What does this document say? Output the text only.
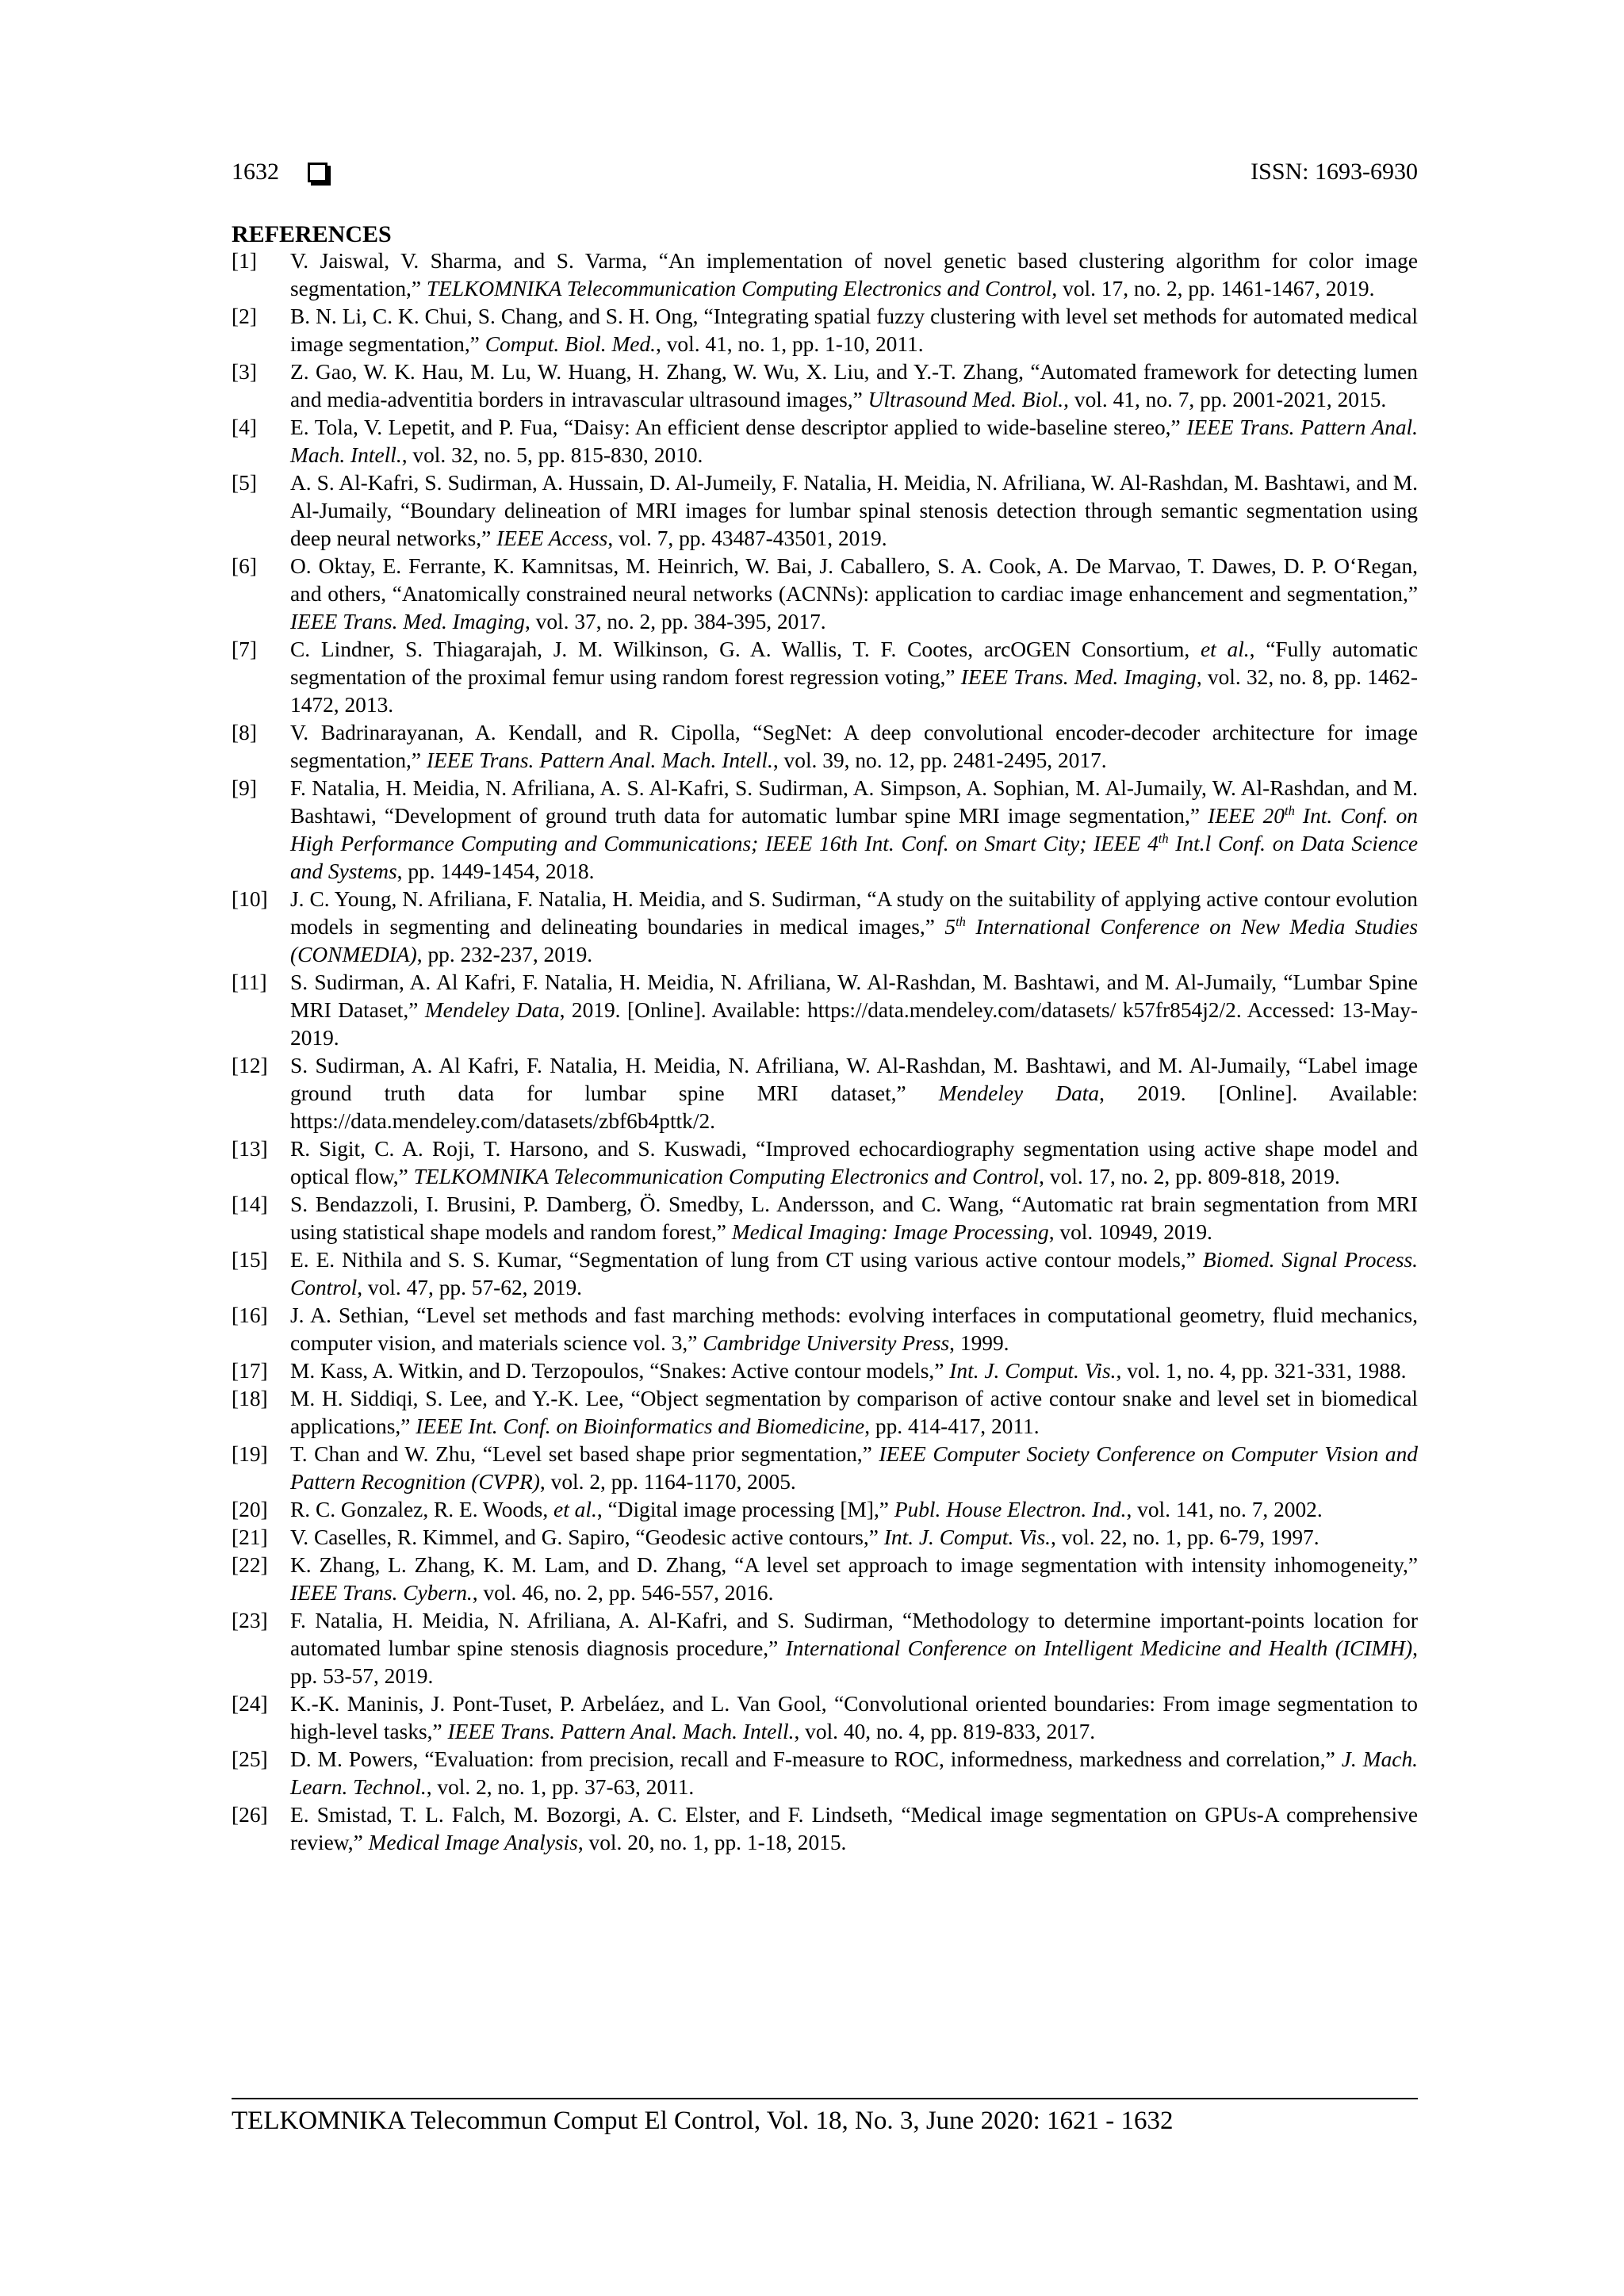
1632	ISSN: 1693-6930
REFERENCES
[1] V. Jaiswal, V. Sharma, and S. Varma, “An implementation of novel genetic based clustering algorithm for color image segmentation,” TELKOMNIKA Telecommunication Computing Electronics and Control, vol. 17, no. 2, pp. 1461-1467, 2019.
[2] B. N. Li, C. K. Chui, S. Chang, and S. H. Ong, “Integrating spatial fuzzy clustering with level set methods for automated medical image segmentation,” Comput. Biol. Med., vol. 41, no. 1, pp. 1-10, 2011.
[3] Z. Gao, W. K. Hau, M. Lu, W. Huang, H. Zhang, W. Wu, X. Liu, and Y.-T. Zhang, “Automated framework for detecting lumen and media-adventitia borders in intravascular ultrasound images,” Ultrasound Med. Biol., vol. 41, no. 7, pp. 2001-2021, 2015.
[4] E. Tola, V. Lepetit, and P. Fua, “Daisy: An efficient dense descriptor applied to wide-baseline stereo,” IEEE Trans. Pattern Anal. Mach. Intell., vol. 32, no. 5, pp. 815-830, 2010.
[5] A. S. Al-Kafri, S. Sudirman, A. Hussain, D. Al-Jumeily, F. Natalia, H. Meidia, N. Afriliana, W. Al-Rashdan, M. Bashtawi, and M. Al-Jumaily, “Boundary delineation of MRI images for lumbar spinal stenosis detection through semantic segmentation using deep neural networks,” IEEE Access, vol. 7, pp. 43487-43501, 2019.
[6] O. Oktay, E. Ferrante, K. Kamnitsas, M. Heinrich, W. Bai, J. Caballero, S. A. Cook, A. De Marvao, T. Dawes, D. P. O‘Regan, and others, “Anatomically constrained neural networks (ACNNs): application to cardiac image enhancement and segmentation,” IEEE Trans. Med. Imaging, vol. 37, no. 2, pp. 384-395, 2017.
[7] C. Lindner, S. Thiagarajah, J. M. Wilkinson, G. A. Wallis, T. F. Cootes, arcOGEN Consortium, et al., “Fully automatic segmentation of the proximal femur using random forest regression voting,” IEEE Trans. Med. Imaging, vol. 32, no. 8, pp. 1462-1472, 2013.
[8] V. Badrinarayanan, A. Kendall, and R. Cipolla, “SegNet: A deep convolutional encoder-decoder architecture for image segmentation,” IEEE Trans. Pattern Anal. Mach. Intell., vol. 39, no. 12, pp. 2481-2495, 2017.
[9] F. Natalia, H. Meidia, N. Afriliana, A. S. Al-Kafri, S. Sudirman, A. Simpson, A. Sophian, M. Al-Jumaily, W. Al-Rashdan, and M. Bashtawi, “Development of ground truth data for automatic lumbar spine MRI image segmentation,” IEEE 20th Int. Conf. on High Performance Computing and Communications; IEEE 16th Int. Conf. on Smart City; IEEE 4th Int.l Conf. on Data Science and Systems, pp. 1449-1454, 2018.
[10] J. C. Young, N. Afriliana, F. Natalia, H. Meidia, and S. Sudirman, “A study on the suitability of applying active contour evolution models in segmenting and delineating boundaries in medical images,” 5th International Conference on New Media Studies (CONMEDIA), pp. 232-237, 2019.
[11] S. Sudirman, A. Al Kafri, F. Natalia, H. Meidia, N. Afriliana, W. Al-Rashdan, M. Bashtawi, and M. Al-Jumaily, “Lumbar Spine MRI Dataset,” Mendeley Data, 2019. [Online]. Available: https://data.mendeley.com/datasets/ k57fr854j2/2. Accessed: 13-May-2019.
[12] S. Sudirman, A. Al Kafri, F. Natalia, H. Meidia, N. Afriliana, W. Al-Rashdan, M. Bashtawi, and M. Al-Jumaily, “Label image ground truth data for lumbar spine MRI dataset,” Mendeley Data, 2019. [Online]. Available: https://data.mendeley.com/datasets/zbf6b4pttk/2.
[13] R. Sigit, C. A. Roji, T. Harsono, and S. Kuswadi, “Improved echocardiography segmentation using active shape model and optical flow,” TELKOMNIKA Telecommunication Computing Electronics and Control, vol. 17, no. 2, pp. 809-818, 2019.
[14] S. Bendazzoli, I. Brusini, P. Damberg, Ö. Smedby, L. Andersson, and C. Wang, “Automatic rat brain segmentation from MRI using statistical shape models and random forest,” Medical Imaging: Image Processing, vol. 10949, 2019.
[15] E. E. Nithila and S. S. Kumar, “Segmentation of lung from CT using various active contour models,” Biomed. Signal Process. Control, vol. 47, pp. 57-62, 2019.
[16] J. A. Sethian, “Level set methods and fast marching methods: evolving interfaces in computational geometry, fluid mechanics, computer vision, and materials science vol. 3,” Cambridge University Press, 1999.
[17] M. Kass, A. Witkin, and D. Terzopoulos, “Snakes: Active contour models,” Int. J. Comput. Vis., vol. 1, no. 4, pp. 321-331, 1988.
[18] M. H. Siddiqi, S. Lee, and Y.-K. Lee, “Object segmentation by comparison of active contour snake and level set in biomedical applications,” IEEE Int. Conf. on Bioinformatics and Biomedicine, pp. 414-417, 2011.
[19] T. Chan and W. Zhu, “Level set based shape prior segmentation,” IEEE Computer Society Conference on Computer Vision and Pattern Recognition (CVPR), vol. 2, pp. 1164-1170, 2005.
[20] R. C. Gonzalez, R. E. Woods, et al., “Digital image processing [M],” Publ. House Electron. Ind., vol. 141, no. 7, 2002.
[21] V. Caselles, R. Kimmel, and G. Sapiro, “Geodesic active contours,” Int. J. Comput. Vis., vol. 22, no. 1, pp. 6-79, 1997.
[22] K. Zhang, L. Zhang, K. M. Lam, and D. Zhang, “A level set approach to image segmentation with intensity inhomogeneity,” IEEE Trans. Cybern., vol. 46, no. 2, pp. 546-557, 2016.
[23] F. Natalia, H. Meidia, N. Afriliana, A. Al-Kafri, and S. Sudirman, “Methodology to determine important-points location for automated lumbar spine stenosis diagnosis procedure,” International Conference on Intelligent Medicine and Health (ICIMH), pp. 53-57, 2019.
[24] K.-K. Maninis, J. Pont-Tuset, P. Arbeláez, and L. Van Gool, “Convolutional oriented boundaries: From image segmentation to high-level tasks,” IEEE Trans. Pattern Anal. Mach. Intell., vol. 40, no. 4, pp. 819-833, 2017.
[25] D. M. Powers, “Evaluation: from precision, recall and F-measure to ROC, informedness, markedness and correlation,” J. Mach. Learn. Technol., vol. 2, no. 1, pp. 37-63, 2011.
[26] E. Smistad, T. L. Falch, M. Bozorgi, A. C. Elster, and F. Lindseth, “Medical image segmentation on GPUs-A comprehensive review,” Medical Image Analysis, vol. 20, no. 1, pp. 1-18, 2015.
TELKOMNIKA Telecommun Comput El Control, Vol. 18, No. 3, June 2020: 1621 - 1632
